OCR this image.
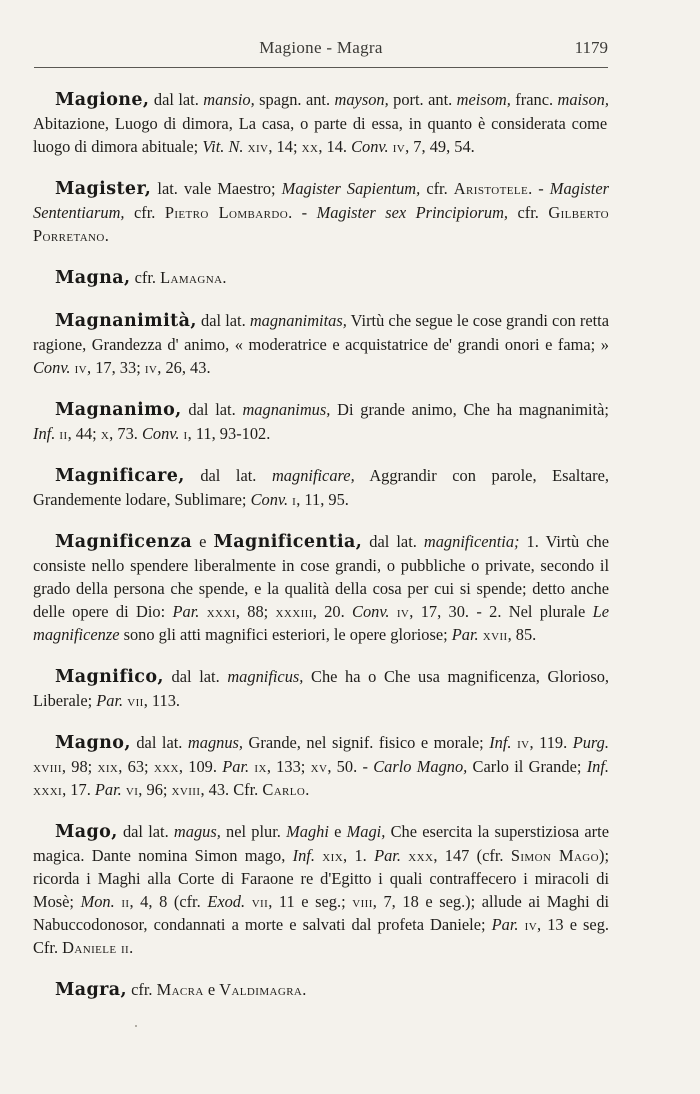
Magione - Magra	1179

Magione, dal lat. mansio, spagn. ant. mayson, port. ant. meisom, franc. maison, Abitazione, Luogo di dimora, La casa, o parte di essa, in quanto è considerata come luogo di dimora abituale; Vit. N. xiv, 14; xx, 14. Conv. iv, 7, 49, 54.

Magister, lat. vale Maestro; Magister Sapientum, cfr. Aristotele. - Magister Sententiarum, cfr. Pietro Lombardo. - Magister sex Principiorum, cfr. Gilberto Porretano.

Magna, cfr. Lamagna.

Magnanimità, dal lat. magnanimitas, Virtù che segue le cose grandi con retta ragione, Grandezza d' animo, « moderatrice e acquistatrice de' grandi onori e fama; » Conv. iv, 17, 33; iv, 26, 43.

Magnanimo, dal lat. magnanimus, Di grande animo, Che ha magnanimità; Inf. ii, 44; x, 73. Conv. i, 11, 93-102.

Magnificare, dal lat. magnificare, Aggrandir con parole, Esaltare, Grandemente lodare, Sublimare; Conv. i, 11, 95.

Magnificenza e Magnificentia, dal lat. magnificentia; 1. Virtù che consiste nello spendere liberalmente in cose grandi, o pubbliche o private, secondo il grado della persona che spende, e la qualità della cosa per cui si spende; detto anche delle opere di Dio: Par. xxxi, 88; xxxiii, 20. Conv. iv, 17, 30. - 2. Nel plurale Le magnificenze sono gli atti magnifici esteriori, le opere gloriose; Par. xvii, 85.

Magnifico, dal lat. magnificus, Che ha o Che usa magnificenza, Glorioso, Liberale; Par. vii, 113.

Magno, dal lat. magnus, Grande, nel signif. fisico e morale; Inf. iv, 119. Purg. xviii, 98; xix, 63; xxx, 109. Par. ix, 133; xv, 50. - Carlo Magno, Carlo il Grande; Inf. xxxi, 17. Par. vi, 96; xviii, 43. Cfr. Carlo.

Mago, dal lat. magus, nel plur. Maghi e Magi, Che esercita la superstiziosa arte magica. Dante nomina Simon mago, Inf. xix, 1. Par. xxx, 147 (cfr. Simon Mago); ricorda i Maghi alla Corte di Faraone re d'Egitto i quali contraffecero i miracoli di Mosè; Mon. ii, 4, 8 (cfr. Exod. vii, 11 e seg.; viii, 7, 18 e seg.); allude ai Maghi di Nabuccodonosor, condannati a morte e salvati dal profeta Daniele; Par. iv, 13 e seg. Cfr. Daniele ii.

Magra, cfr. Macra e Valdimagra.
